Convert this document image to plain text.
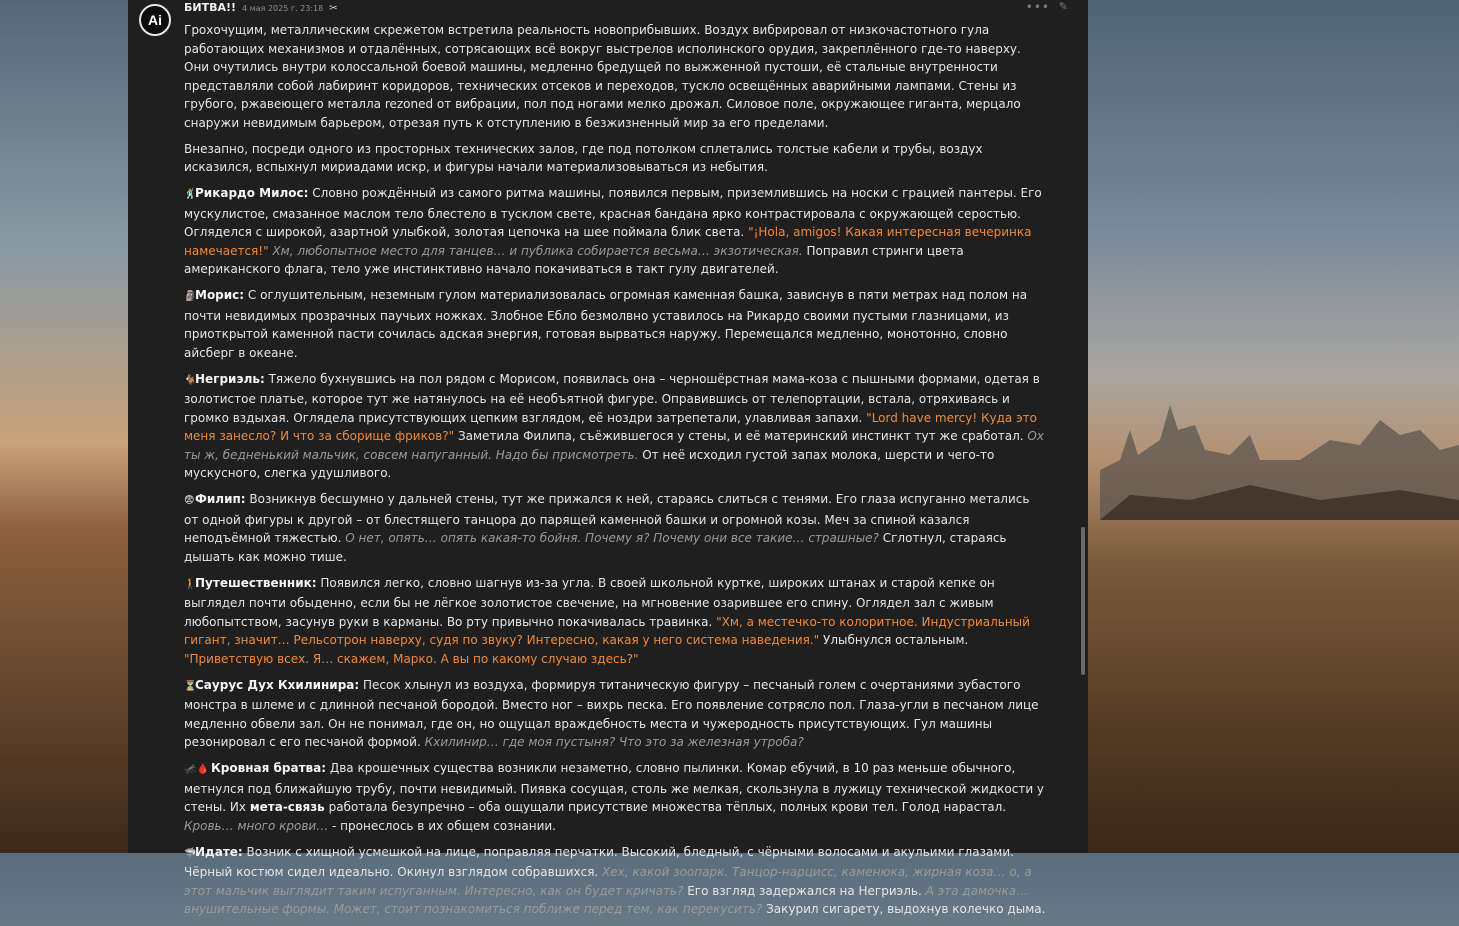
Ai
БИТВА!! 4 мая 2025 г. 23:18 ✂	••• ✎

Грохочущим, металлическим скрежетом встретила реальность новоприбывших. Воздух вибрировал от низкочастотного гула работающих механизмов и отдалённых, сотрясающих всё вокруг выстрелов исполинского орудия, закреплённого где-то наверху. Они очутились внутри колоссальной боевой машины, медленно бредущей по выжженной пустоши, её стальные внутренности представляли собой лабиринт коридоров, технических отсеков и переходов, тускло освещённых аварийными лампами. Стены из грубого, ржавеющего металла rezoned от вибрации, пол под ногами мелко дрожал. Силовое поле, окружающее гиганта, мерцало снаружи невидимым барьером, отрезая путь к отступлению в безжизненный мир за его пределами.

Внезапно, посреди одного из просторных технических залов, где под потолком сплетались толстые кабели и трубы, воздух исказился, вспыхнул мириадами искр, и фигуры начали материализовываться из небытия.

🕺Рикардо Милос: Словно рождённый из самого ритма машины, появился первым, приземлившись на носки с грацией пантеры. Его мускулистое, смазанное маслом тело блестело в тусклом свете, красная бандана ярко контрастировала с окружающей серостью. Огляделся с широкой, азартной улыбкой, золотая цепочка на шее поймала блик света. "¡Hola, amigos! Какая интересная вечеринка намечается!" Хм, любопытное место для танцев… и публика собирается весьма… экзотическая. Поправил стринги цвета американского флага, тело уже инстинктивно начало покачиваться в такт гулу двигателей.

🗿Морис: С оглушительным, неземным гулом материализовалась огромная каменная башка, зависнув в пяти метрах над полом на почти невидимых прозрачных паучьих ножках. Злобное Ебло безмолвно уставилось на Рикардо своими пустыми глазницами, из приоткрытой каменной пасти сочилась адская энергия, готовая вырваться наружу. Перемещался медленно, монотонно, словно айсберг в океане.

🐐Негриэль: Тяжело бухнувшись на пол рядом с Морисом, появилась она – чернoшёрстная мама-коза с пышными формами, одетая в золотистое платье, которое тут же натянулось на её необъятной фигуре. Оправившись от телепортации, встала, отряхиваясь и громко вздыхая. Оглядела присутствующих цепким взглядом, её ноздри затрепетали, улавливая запахи. "Lord have mercy! Куда это меня занесло? И что за сборище фриков?" Заметила Филипа, съёжившегося у стены, и её материнский инстинкт тут же сработал. Ох ты ж, бедненький мальчик, совсем напуганный. Надо бы присмотреть. От неё исходил густой запах молока, шерсти и чего-то мускусного, слегка удушливого.

😨Филип: Возникнув бесшумно у дальней стены, тут же прижался к ней, стараясь слиться с тенями. Его глаза испуганно метались от одной фигуры к другой – от блестящего танцора до парящей каменной башки и огромной козы. Меч за спиной казался неподъёмной тяжестью. О нет, опять… опять какая-то бойня. Почему я? Почему они все такие… страшные? Сглотнул, стараясь дышать как можно тише.

🚶Путешественник: Появился легко, словно шагнув из-за угла. В своей школьной куртке, широких штанах и старой кепке он выглядел почти обыденно, если бы не лёгкое золотистое свечение, на мгновение озарившее его спину. Оглядел зал с живым любопытством, засунув руки в карманы. Во рту привычно покачивалась травинка. "Хм, а местечко-то колоритное. Индустриальный гигант, значит… Рельсотрон наверху, судя по звуку? Интересно, какая у него система наведения." Улыбнулся остальным. "Приветствую всех. Я… скажем, Марко. А вы по какому случаю здесь?"

⏳Саурус Дух Кхилинира: Песок хлынул из воздуха, формируя титаническую фигуру – песчаный голем с очертаниями зубастого монстра в шлеме и с длинной песчаной бородой. Вместо ног – вихрь песка. Его появление сотрясло пол. Глаза-угли в песчаном лице медленно обвели зал. Он не понимал, где он, но ощущал враждебность места и чужеродность присутствующих. Гул машины резонировал с его песчаной формой. Кхилинир… где моя пустыня? Что это за железная утроба?

🦟🩸 Кровная братва: Два крошечных существа возникли незаметно, словно пылинки. Комар ебучий, в 10 раз меньше обычного, метнулся под ближайшую трубу, почти невидимый. Пиявка сосущая, столь же мелкая, скользнула в лужицу технической жидкости у стены. Их мета-связь работала безупречно – оба ощущали присутствие множества тёплых, полных крови тел. Голод нарастал. Кровь… много крови… - пронеслось в их общем сознании.

🦈Идате: Возник с хищной усмешкой на лице, поправляя перчатки. Высокий, бледный, с чёрными волосами и акульими глазами. Чёрный костюм сидел идеально. Окинул взглядом собравшихся. Хех, какой зоопарк. Танцор-нарцисс, каменюка, жирная коза… о, а этот мальчик выглядит таким испуганным. Интересно, как он будет кричать? Его взгляд задержался на Негриэль. А эта дамочка… внушительные формы. Может, стоит познакомиться поближе перед тем, как перекусить? Закурил сигарету, выдохнув колечко дыма.
